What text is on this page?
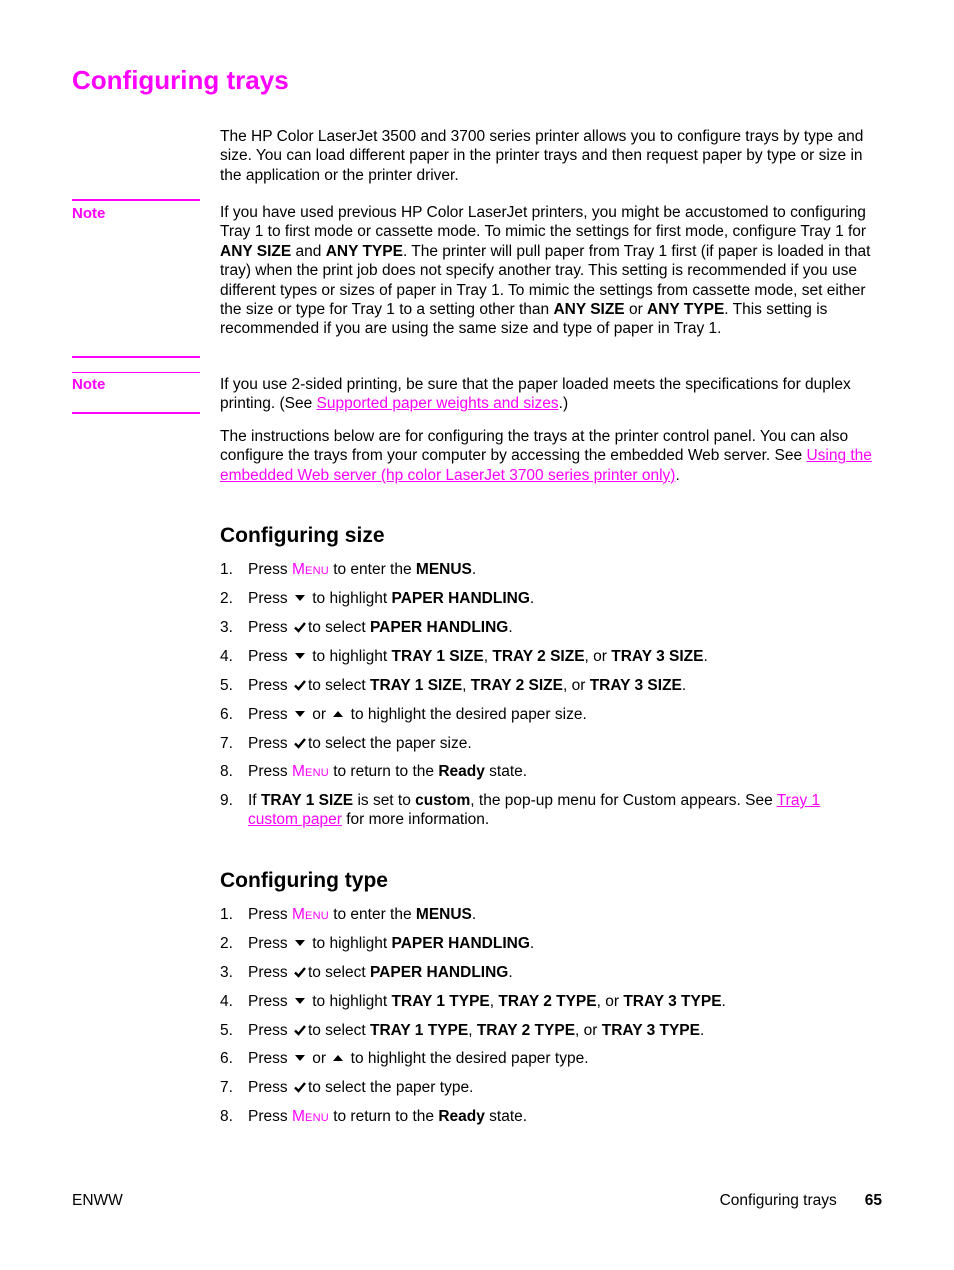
Configuring trays

The HP Color LaserJet 3500 and 3700 series printer allows you to configure trays by type and size. You can load different paper in the printer trays and then request paper by type or size in the application or the printer driver.

Note	If you have used previous HP Color LaserJet printers, you might be accustomed to configuring Tray 1 to first mode or cassette mode. To mimic the settings for first mode, configure Tray 1 for ANY SIZE and ANY TYPE. The printer will pull paper from Tray 1 first (if paper is loaded in that tray) when the print job does not specify another tray. This setting is recommended if you use different types or sizes of paper in Tray 1. To mimic the settings from cassette mode, set either the size or type for Tray 1 to a setting other than ANY SIZE or ANY TYPE. This setting is recommended if you are using the same size and type of paper in Tray 1.

Note	If you use 2-sided printing, be sure that the paper loaded meets the specifications for duplex printing. (See Supported paper weights and sizes.)

The instructions below are for configuring the trays at the printer control panel. You can also configure the trays from your computer by accessing the embedded Web server. See Using the embedded Web server (hp color LaserJet 3700 series printer only).

Configuring size
1. Press Menu to enter the MENUS.
2. Press to highlight PAPER HANDLING.
3. Press to select PAPER HANDLING.
4. Press to highlight TRAY 1 SIZE, TRAY 2 SIZE, or TRAY 3 SIZE.
5. Press to select TRAY 1 SIZE, TRAY 2 SIZE, or TRAY 3 SIZE.
6. Press or to highlight the desired paper size.
7. Press to select the paper size.
8. Press Menu to return to the Ready state.
9. If TRAY 1 SIZE is set to custom, the pop-up menu for Custom appears. See Tray 1 custom paper for more information.
Configuring type
1. Press Menu to enter the MENUS.
2. Press to highlight PAPER HANDLING.
3. Press to select PAPER HANDLING.
4. Press to highlight TRAY 1 TYPE, TRAY 2 TYPE, or TRAY 3 TYPE.
5. Press to select TRAY 1 TYPE, TRAY 2 TYPE, or TRAY 3 TYPE.
6. Press or to highlight the desired paper type.
7. Press to select the paper type.
8. Press Menu to return to the Ready state.
ENWW	Configuring trays 65
